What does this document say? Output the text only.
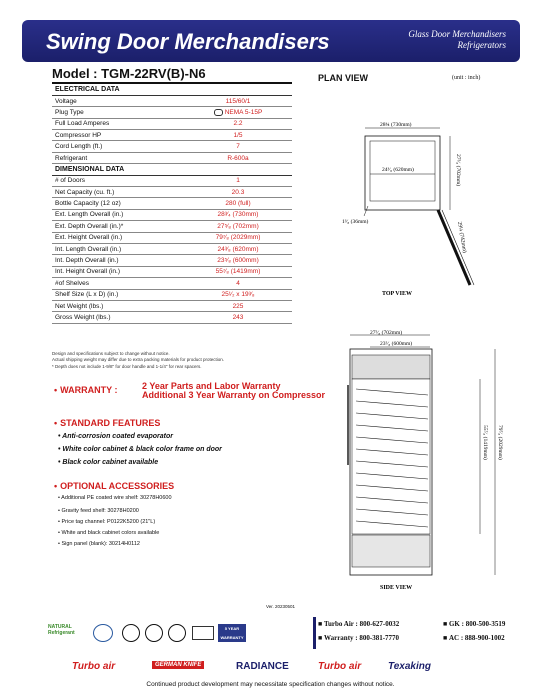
Swing Door Merchandisers	Glass Door Merchandisers
Refrigerators
Model : TGM-22RV(B)-N6
ELECTRICAL DATA	
Voltage	115/60/1
Plug Type	NEMA 5-15P
Full Load Amperes	2.2
Compressor HP	1/5
Cord Length (ft.)	7
Refrigerant	R-600a
DIMENSIONAL DATA	
# of Doors	1
Net Capacity (cu. ft.)	20.3
Bottle Capacity (12 oz)	280 (full)
Ext. Length Overall (in.)	28³⁄₄ (730mm)
Ext. Depth Overall (in.)*	27⁵⁄₈ (702mm)
Ext. Height Overall (in.)	79⁷⁄₈ (2029mm)
Int. Length Overall (in.)	24³⁄₈ (620mm)
Int. Depth Overall (in.)	23⁵⁄₈ (600mm)
Int. Height Overall (in.)	55⁷⁄₈ (1419mm)
#of Shelves	4
Shelf Size (L x D) (in.)	25¹⁄₂ x 19³⁄₈
Net Weight (lbs.)	225
Gross Weight (lbs.)	243
Design and specifications subject to change without notice.
Actual shipping weight may differ due to extra packing materials for product protection.
* Depth does not include 1-9/8" for door handle and 1-1/4" for rear spacers.
• WARRANTY :	2 Year Parts and Labor Warranty
Additional 3 Year Warranty on Compressor
• STANDARD FEATURES
• Anti-corrosion coated evaporator
• White color cabinet & black color frame on door
• Black color cabinet available
• OPTIONAL ACCESSORIES
• Additional PE coated wire shelf: 30278H0600
• Gravity feed shelf: 30278H0200
• Price tag channel: P0122K5200 (21"L)
• White and black cabinet colors available
• Sign panel (blank): 30214H0112
PLAN VIEW	(unit : inch)
28¾ (730mm)
24³⁄₈ (620mm)	27⁵⁄₈ (702mm)
29¼ (742mm)
1³⁄₈ (36mm)
TOP VIEW
27⁵⁄₈ (702mm)
23⁵⁄₈ (600mm)
55⁷⁄₈ (1419mm) 79⁷⁄₈ (2029mm)
SIDE VIEW
Ver. 20230501
NATURAL
Refrigerant
5 YEAR WARRANTY
■ Turbo Air : 800-627-0032	■ GK : 800-500-3519
■ Warranty : 800-381-7770	■ AC : 888-900-1002
Turbo air	GERMAN KNIFE	RADIANCE	Turbo air	Texaking
Continued product development may necessitate specification changes without notice.
